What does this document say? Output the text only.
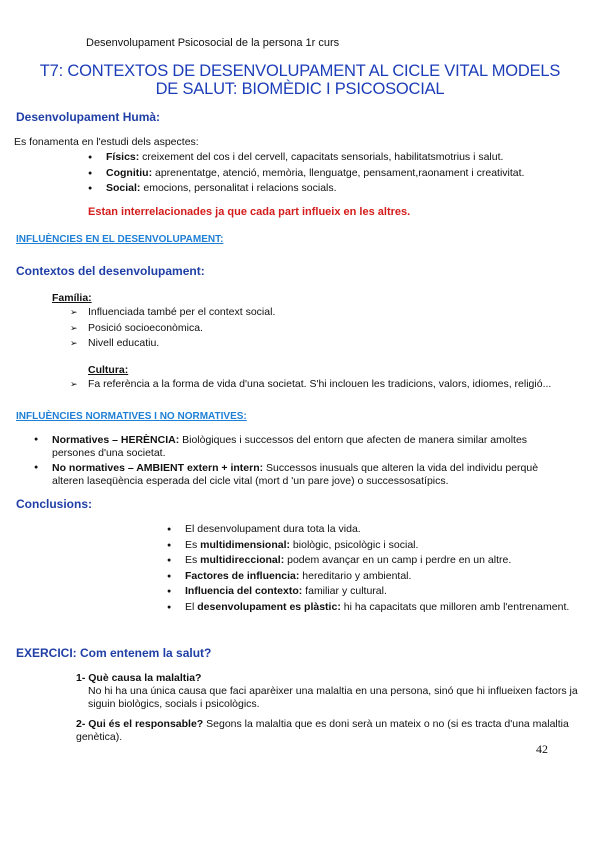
Desenvolupament Psicosocial de la persona 1r curs
T7: CONTEXTOS DE DESENVOLUPAMENT AL CICLE VITAL MODELS
DE SALUT: BIOMÈDIC I PSICOSOCIAL
Desenvolupament Humà:
Es fonamenta en l'estudi dels aspectes:
● Físics: creixement del cos i del cervell, capacitats sensorials, habilitatsmotrius i salut.
● Cognitiu: aprenentatge, atenció, memòria, llenguatge, pensament,raonament i creativitat.
● Social: emocions, personalitat i relacions socials.
Estan interrelacionades ja que cada part influeix en les altres.
INFLUÈNCIES EN EL DESENVOLUPAMENT:
Contextos del desenvolupament:
Família:
➢ Influenciada també per el context social.
➢ Posició socioeconòmica.
➢ Nivell educatiu.
Cultura:
➢ Fa referència a la forma de vida d'una societat. S'hi inclouen les tradicions, valors, idiomes, religió...
INFLUÈNCIES NORMATIVES I NO NORMATIVES:
● Normatives – HERÈNCIA: Biològiques i successos del entorn que afecten de manera similar amoltes persones d'una societat.
● No normatives – AMBIENT extern + intern: Successos inusuals que alteren la vida del individu perquè alteren laseqüència esperada del cicle vital (mort d 'un pare jove) o successosatípics.
Conclusions:
● El desenvolupament dura tota la vida.
● Es multidimensional: biològic, psicològic i social.
● Es multidireccional: podem avançar en un camp i perdre en un altre.
● Factores de influencia: hereditario y ambiental.
● Influencia del contexto: familiar y cultural.
● El desenvolupament es plàstic: hi ha capacitats que milloren amb l'entrenament.
EXERCICI: Com entenem la salut?
1- Què causa la malaltia?
No hi ha una única causa que faci aparèixer una malaltia en una persona, sinó que hi influeixen factors ja siguin biològics, socials i psicològics.
2- Qui és el responsable? Segons la malaltia que es doni serà un mateix o no (si es tracta d'una malaltia genètica).
42
